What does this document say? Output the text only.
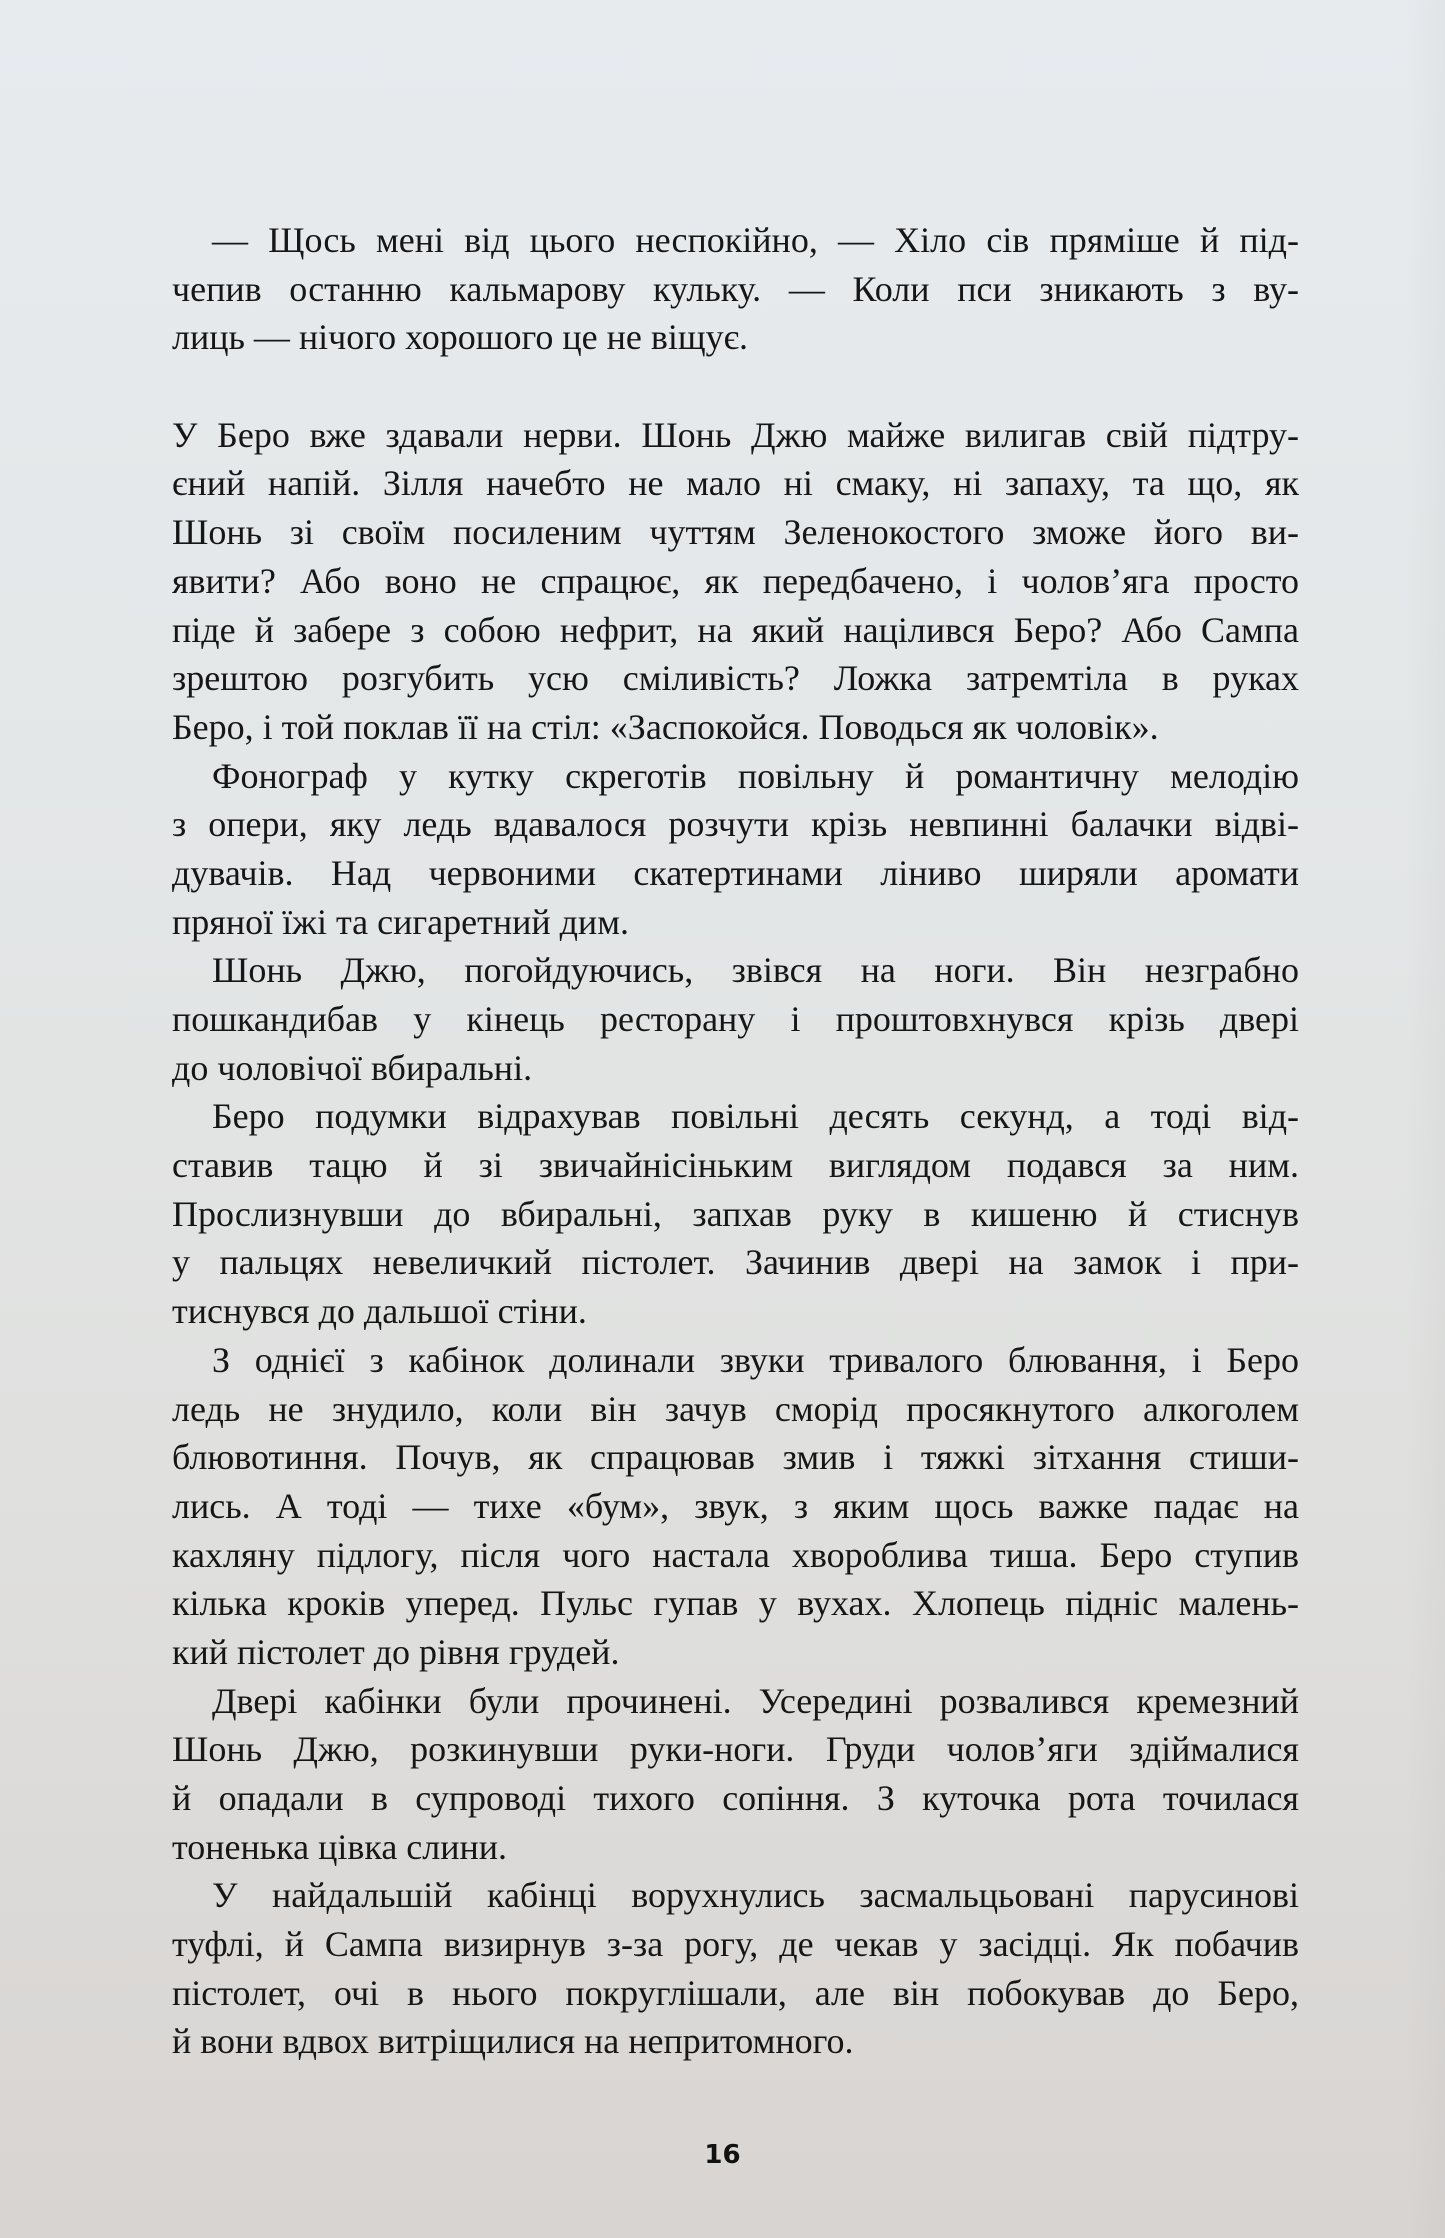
— Щось мені від цього неспокійно, — Хіло сів пряміше й під-
чепив останню кальмарову кульку. — Коли пси зникають з ву-
лиць — нічого хорошого це не віщує.
У Беро вже здавали нерви. Шонь Джю майже вилигав свій підтру-
єний напій. Зілля начебто не мало ні смаку, ні запаху, та що, як
Шонь зі своїм посиленим чуттям Зеленокостого зможе його ви-
явити? Або воно не спрацює, як передбачено, і чолов’яга просто
піде й забере з собою нефрит, на який націлився Беро? Або Сампа
зрештою розгубить усю сміливість? Ложка затремтіла в руках
Беро, і той поклав її на стіл: «Заспокойся. Поводься як чоловік».
Фонограф у кутку скреготів повільну й романтичну мелодію
з опери, яку ледь вдавалося розчути крізь невпинні балачки відві-
дувачів. Над червоними скатертинами ліниво ширяли аромати
пряної їжі та сигаретний дим.
Шонь Джю, погойдуючись, звівся на ноги. Він незграбно
пошкандибав у кінець ресторану і проштовхнувся крізь двері
до чоловічої вбиральні.
Беро подумки відрахував повільні десять секунд, а тоді від-
ставив тацю й зі звичайнісіньким виглядом подався за ним.
Прослизнувши до вбиральні, запхав руку в кишеню й стиснув
у пальцях невеличкий пістолет. Зачинив двері на замок і при-
тиснувся до дальшої стіни.
З однієї з кабінок долинали звуки тривалого блювання, і Беро
ледь не знудило, коли він зачув сморід просякнутого алкоголем
блювотиння. Почув, як спрацював змив і тяжкі зітхання стиши-
лись. А тоді — тихе «бум», звук, з яким щось важке падає на
кахляну підлогу, після чого настала хвороблива тиша. Беро ступив
кілька кроків уперед. Пульс гупав у вухах. Хлопець підніс малень-
кий пістолет до рівня грудей.
Двері кабінки були прочинені. Усередині розвалився кремезний
Шонь Джю, розкинувши руки-ноги. Груди чолов’яги здіймалися
й опадали в супроводі тихого сопіння. З куточка рота точилася
тоненька цівка слини.
У найдальшій кабінці ворухнулись засмальцьовані парусинові
туфлі, й Сампа визирнув з-за рогу, де чекав у засідці. Як побачив
пістолет, очі в нього покруглішали, але він побокував до Беро,
й вони вдвох витріщилися на непритомного.
16
